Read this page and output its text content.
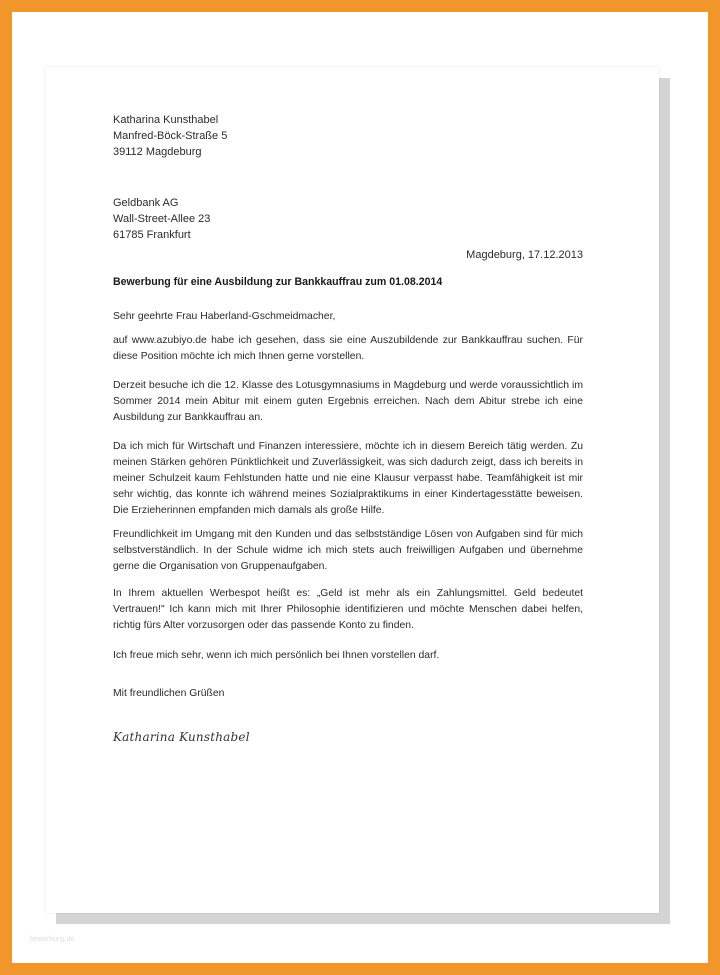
Katharina Kunsthabel
Manfred-Böck-Straße 5
39112 Magdeburg
Geldbank AG
Wall-Street-Allee 23
61785 Frankfurt
Magdeburg, 17.12.2013
Bewerbung für eine Ausbildung zur Bankkauffrau zum 01.08.2014
Sehr geehrte Frau Haberland-Gschmeidmacher,
auf www.azubiyo.de habe ich gesehen, dass sie eine Auszubildende zur Bankkauffrau suchen. Für
diese Position möchte ich mich Ihnen gerne vorstellen.
Derzeit besuche ich die 12. Klasse des Lotusgymnasiums in Magdeburg und werde voraussichtlich im
Sommer 2014 mein Abitur mit einem guten Ergebnis erreichen. Nach dem Abitur strebe ich eine
Ausbildung zur Bankkauffrau an.
Da ich mich für Wirtschaft und Finanzen interessiere, möchte ich in diesem Bereich tätig werden. Zu
meinen Stärken gehören Pünktlichkeit und Zuverlässigkeit, was sich dadurch zeigt, dass ich bereits in
meiner Schulzeit kaum Fehlstunden hatte und nie eine Klausur verpasst habe. Teamfähigkeit ist mir
sehr wichtig, das konnte ich während meines Sozialpraktikums in einer Kindertagesstätte beweisen.
Die Erzieherinnen empfanden mich damals als große Hilfe.
Freundlichkeit im Umgang mit den Kunden und das selbstständige Lösen von Aufgaben sind für mich
selbstverständlich. In der Schule widme ich mich stets auch freiwilligen Aufgaben und übernehme
gerne die Organisation von Gruppenaufgaben.
In Ihrem aktuellen Werbespot heißt es: „Geld ist mehr als ein Zahlungsmittel. Geld bedeutet
Vertrauen!" Ich kann mich mit Ihrer Philosophie identifizieren und möchte Menschen dabei helfen,
richtig fürs Alter vorzusorgen oder das passende Konto zu finden.
Ich freue mich sehr, wenn ich mich persönlich bei Ihnen vorstellen darf.
Mit freundlichen Grüßen
Katharina Kunsthabel
bewerbung.de
